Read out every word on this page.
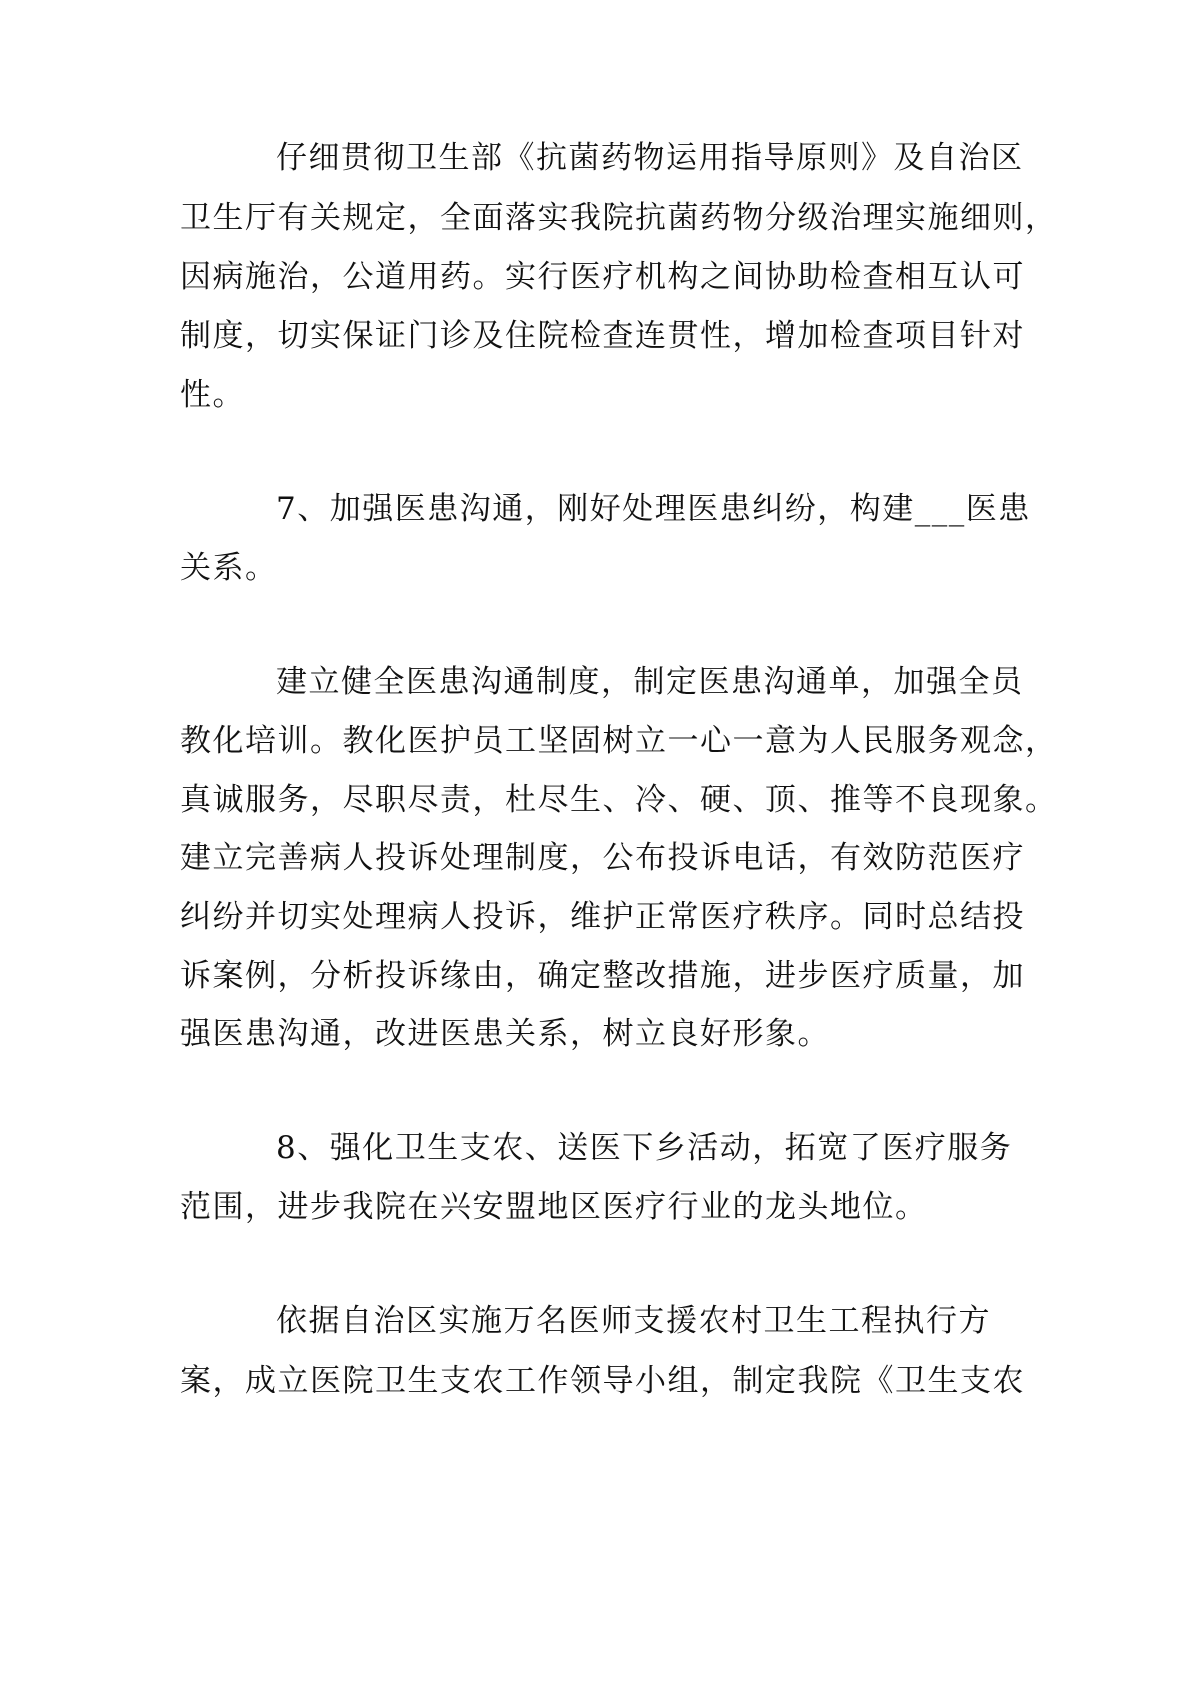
仔细贯彻卫生部《抗菌药物运用指导原则》及自治区
卫生厅有关规定，全面落实我院抗菌药物分级治理实施细则，
因病施治，公道用药。实行医疗机构之间协助检查相互认可
制度，切实保证门诊及住院检查连贯性，增加检查项目针对
性。
7、加强医患沟通，刚好处理医患纠纷，构建___医患
关系。
建立健全医患沟通制度，制定医患沟通单，加强全员
教化培训。教化医护员工坚固树立一心一意为人民服务观念，
真诚服务，尽职尽责，杜尽生、冷、硬、顶、推等不良现象。
建立完善病人投诉处理制度，公布投诉电话，有效防范医疗
纠纷并切实处理病人投诉，维护正常医疗秩序。同时总结投
诉案例，分析投诉缘由，确定整改措施，进步医疗质量，加
强医患沟通，改进医患关系，树立良好形象。
8、强化卫生支农、送医下乡活动，拓宽了医疗服务
范围，进步我院在兴安盟地区医疗行业的龙头地位。
依据自治区实施万名医师支援农村卫生工程执行方
案，成立医院卫生支农工作领导小组，制定我院《卫生支农
